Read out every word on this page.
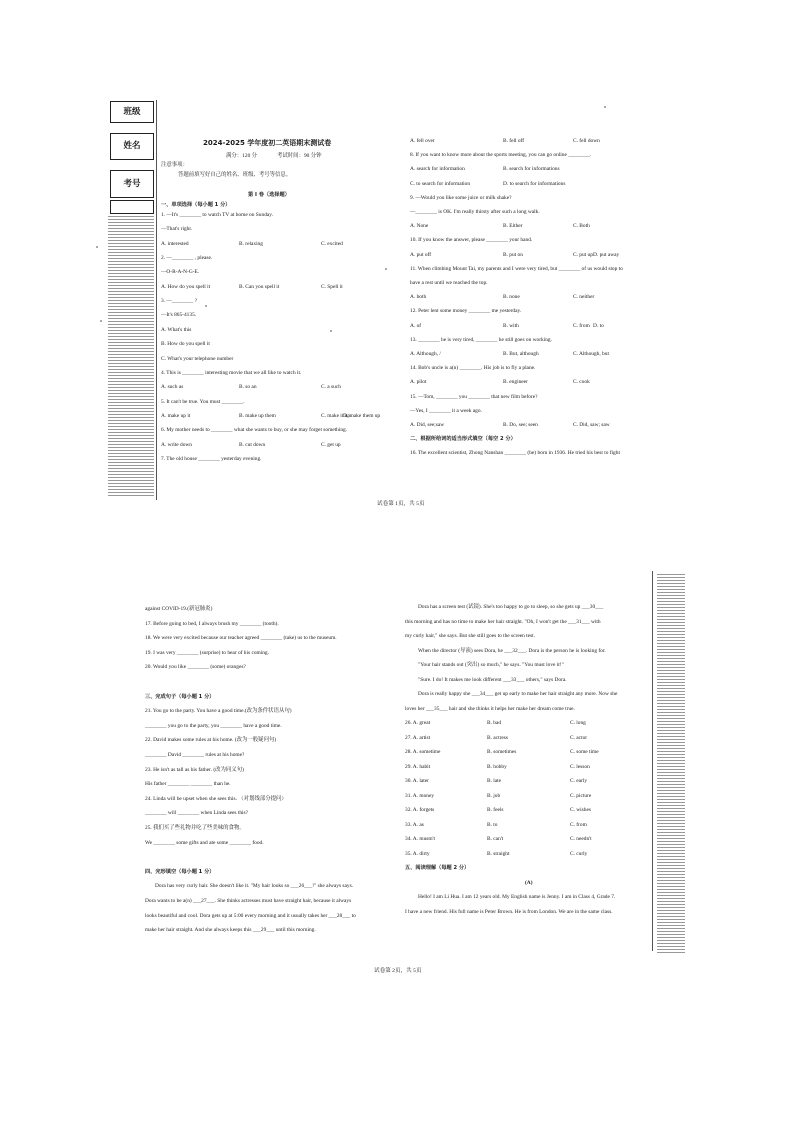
班级
姓名
考号
2024-2025 学年度初二英语期末测试卷
满分：120 分	考试时间：90 分钟
注意事项：
答题前填写好自己的姓名、班级、考号等信息。
第 I 卷（选择题）
一、单项选择（每小题 1 分）
1. —It's ________ to watch TV at home on Sunday.
—That's right.
A. interested	B. relaxing	C. excited
2. —________ , please.
—O-R-A-N-G-E.
A. How do you spell it	B. Can you spell it	C. Spell it
3. —________ ?
—It's 865-4135.
A. What's this
B. How do you spell it
C. What's your telephone number
4. This is ________ interesting movie that we all like to watch it.
A. such as	B. so an	C. a such
5. It can't be true. You must ________.
A. make up it	B. make up them	C. make it up
D. make them up
6. My mother needs to ________ what she wants to buy, or she may forget something.
A. write down	B. cut down	C. get up
7. The old house ________ yesterday evening.
A. fell over	B. fell off	C. fell down
8. If you want to know more about the sports meeting, you can go online ________.
A. search for information	B. search for informations
C. to search for information	D. to search for informations
9. —Would you like some juice or milk shake?
—________ is OK. I'm really thirsty after such a long walk.
A. None	B. Either	C. Both
10. If you know the answer, please ________ your hand.
A. put off	B. put on	C. put up D. put away
11. When climbing Mount Tai, my parents and I were very tired, but ________ of us would stop to
have a rest until we reached the top.
A. both	B. none	C. neither
12. Peter lent some money ________ me yesterday.
A. of	B. with	C. from D. to
13. ________ he is very tired, ________ he still goes on working.
A. Although, /	B. But, although	C. Although, but
14. Bob's uncle is a(n) ________. His job is to fly a plane.
A. pilot	B. engineer	C. cook
15. —Tom, ________ you ________ that new film before?
—Yes, I ________ it a week ago.
A. Did, see;saw	B. Do, see; seen	C. Did, saw; saw
二、根据所给词的适当形式填空（每空 2 分）
16. The excellent scientist, Zhong Nanshan ________ (be) born in 1936. He tried his best to fight
试卷第 1页，共 5页
against COVID-19.(新冠肺炎)
17. Before going to bed, I always brush my ________ (tooth).
18. We were very excited because our teacher agreed ________ (take) us to the museum.
19. I was very ________ (surprise) to hear of his coming.
20. Would you like ________ (some) oranges?
三、完成句子（每小题 1 分）
21. You go to the party. You have a good time.(改为条件状语从句)
________ you go to the party, you ________ have a good time.
22. David makes some rules at his home. (改为一般疑问句)
________ David ________ rules at his home?
23. He isn't as tall as his father. (改为同义句)
His father ________ ________ than he.
24. Linda will be upset when she sees this. （对划线部分提问）
________ will ________ when Linda sees this?
25. 我们买了些礼物并吃了些美味的食物。
We ________ some gifts and ate some ________ food.
四、完形填空（每小题 1 分）
Dora has very curly hair. She doesn't like it. "My hair looks so ___26___!" she always says.
Dora wants to be a(n) ___27___. She thinks actresses must have straight hair, because it always
looks beautiful and cool. Dora gets up at 5:00 every morning and it usually takes her ___28___ to
make her hair straight. And she always keeps this ___29___ until this morning.
Dora has a screen test (试镜). She's too happy to go to sleep, so she gets up ___30___
this morning and has no time to make her hair straight. "Oh, I won't get the ___31___ with
my curly hair," she says. But she still goes to the screen test.
When the director (导演) sees Dora, he ___32___. Dora is the person he is looking for.
"Your hair stands out (突出) so much," he says. "You must love it!"
"Sure. I do! It makes me look different ___33___ others," says Dora.
Dora is really happy she ___34___ get up early to make her hair straight any more. Now she
loves her ___35___ hair and she thinks it helps her make her dream come true.
26. A. great	B. bad	C. long
27. A. artist	B. actress	C. actor
28. A. sometime	B. sometimes	C. some time
29. A. habit	B. hobby	C. lesson
30. A. later	B. late	C. early
31. A. money	B. job	C. picture
32. A. forgets	B. feels	C. wishes
33. A. as	B. to	C. from
34. A. mustn't	B. can't	C. needn't
35. A. dirty	B. straight	C. curly
五、阅读理解（每题 2 分）
(A)
Hello! I am Li Hua. I am 12 years old. My English name is Jenny. I am in Class 4, Grade 7.
I have a new friend. His full name is Peter Brown. He is from London. We are in the same class.
试卷第 2页，共 5页
